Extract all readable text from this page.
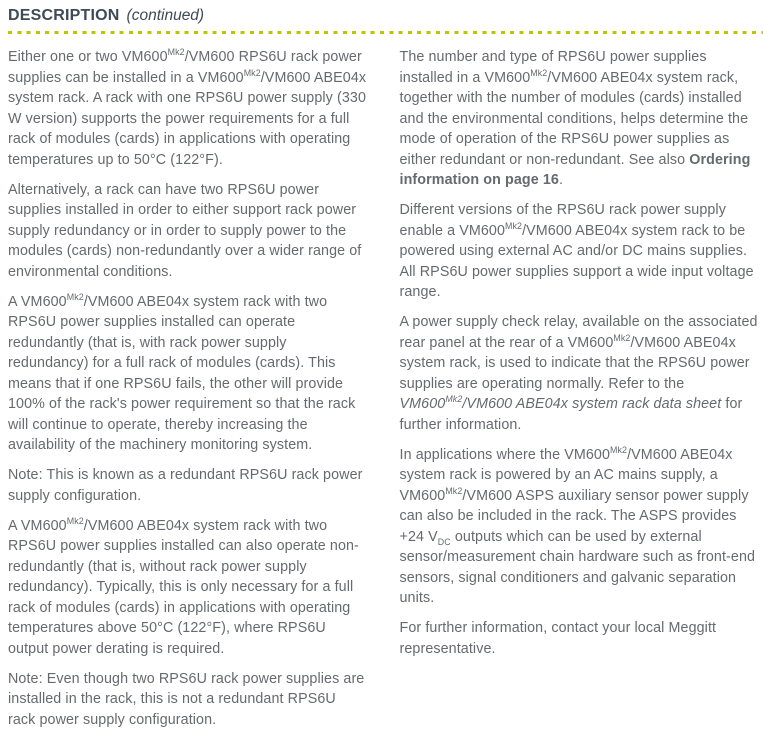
DESCRIPTION (continued)

Either one or two $VM600^{Mk2}/VM600$ RPS6U rack power supplies can be installed in a $VM600^{Mk2}/VM600$ ABE04x system rack. A rack with one RPS6U power supply (330 W version) supports the power requirements for a full rack of modules (cards) in applications with operating temperatures up to 50°C (122°F).

Alternatively, a rack can have two RPS6U power supplies installed in order to either support rack power supply redundancy or in order to supply power to the modules (cards) non-redundantly over a wider range of environmental conditions.

A $VM600^{Mk2}/VM600$ ABE04x system rack with two RPS6U power supplies installed can operate redundantly (that is, with rack power supply redundancy) for a full rack of modules (cards). This means that if one RPS6U fails, the other will provide 100% of the rack's power requirement so that the rack will continue to operate, thereby increasing the availability of the machinery monitoring system.

Note: This is known as a redundant RPS6U rack power supply configuration.

A $VM600^{Mk2}/VM600$ ABE04x system rack with two RPS6U power supplies installed can also operate non-redundantly (that is, without rack power supply redundancy). Typically, this is only necessary for a full rack of modules (cards) in applications with operating temperatures above 50°C (122°F), where RPS6U output power derating is required.

Note: Even though two RPS6U rack power supplies are installed in the rack, this is not a redundant RPS6U rack power supply configuration.

The number and type of RPS6U power supplies installed in a $VM600^{Mk2}/VM600$ ABE04x system rack, together with the number of modules (cards) installed and the environmental conditions, helps determine the mode of operation of the RPS6U power supplies as either redundant or non-redundant. See also Ordering information on page 16.

Different versions of the RPS6U rack power supply enable a $VM600^{Mk2}/VM600$ ABE04x system rack to be powered using external AC and/or DC mains supplies. All RPS6U power supplies support a wide input voltage range.

A power supply check relay, available on the associated rear panel at the rear of a $VM600^{Mk2}/VM600$ ABE04x system rack, is used to indicate that the RPS6U power supplies are operating normally. Refer to the $VM600^{Mk2}/VM600$ ABE04x system rack data sheet for further information.

In applications where the $VM600^{Mk2}/VM600$ ABE04x system rack is powered by an AC mains supply, a $VM600^{Mk2}/VM600$ ASPS auxiliary sensor power supply can also be included in the rack. The ASPS provides +24 $V_{DC}$ outputs which can be used by external sensor/measurement chain hardware such as front-end sensors, signal conditioners and galvanic separation units.

For further information, contact your local Meggitt representative.
